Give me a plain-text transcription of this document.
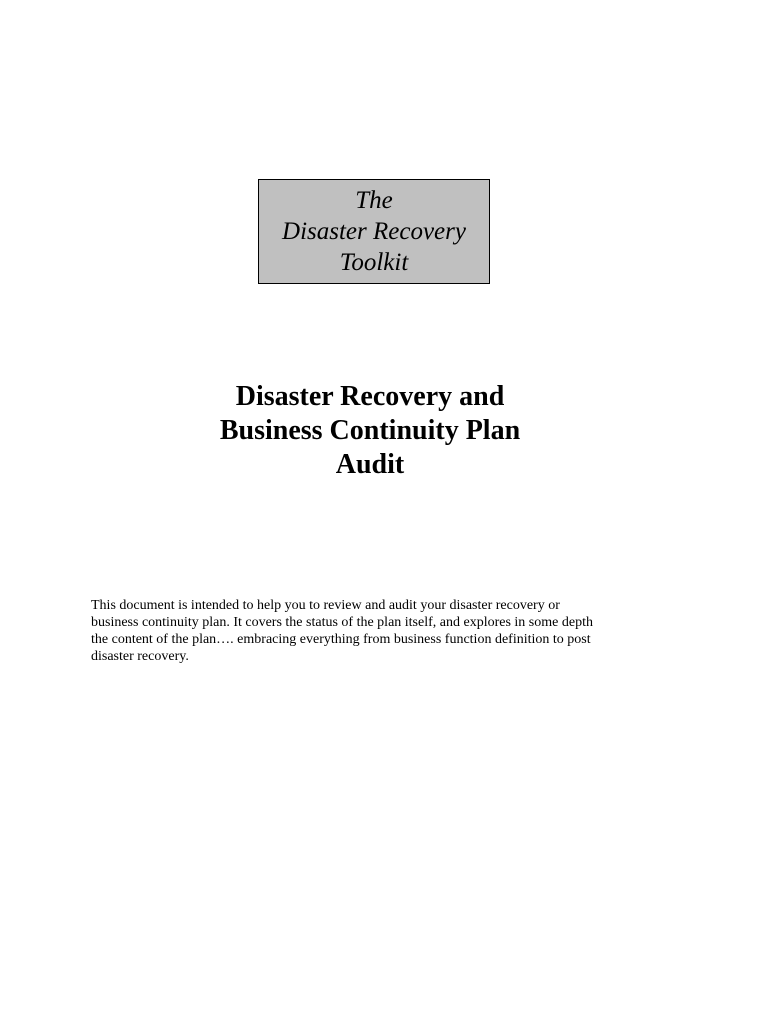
The
Disaster Recovery
Toolkit
Disaster Recovery and
Business Continuity Plan
Audit
This document is intended to help you to review and audit your disaster recovery or
business continuity plan. It covers the status of the plan itself, and explores in some depth
the content of the plan…. embracing everything from business function definition to post
disaster recovery.
